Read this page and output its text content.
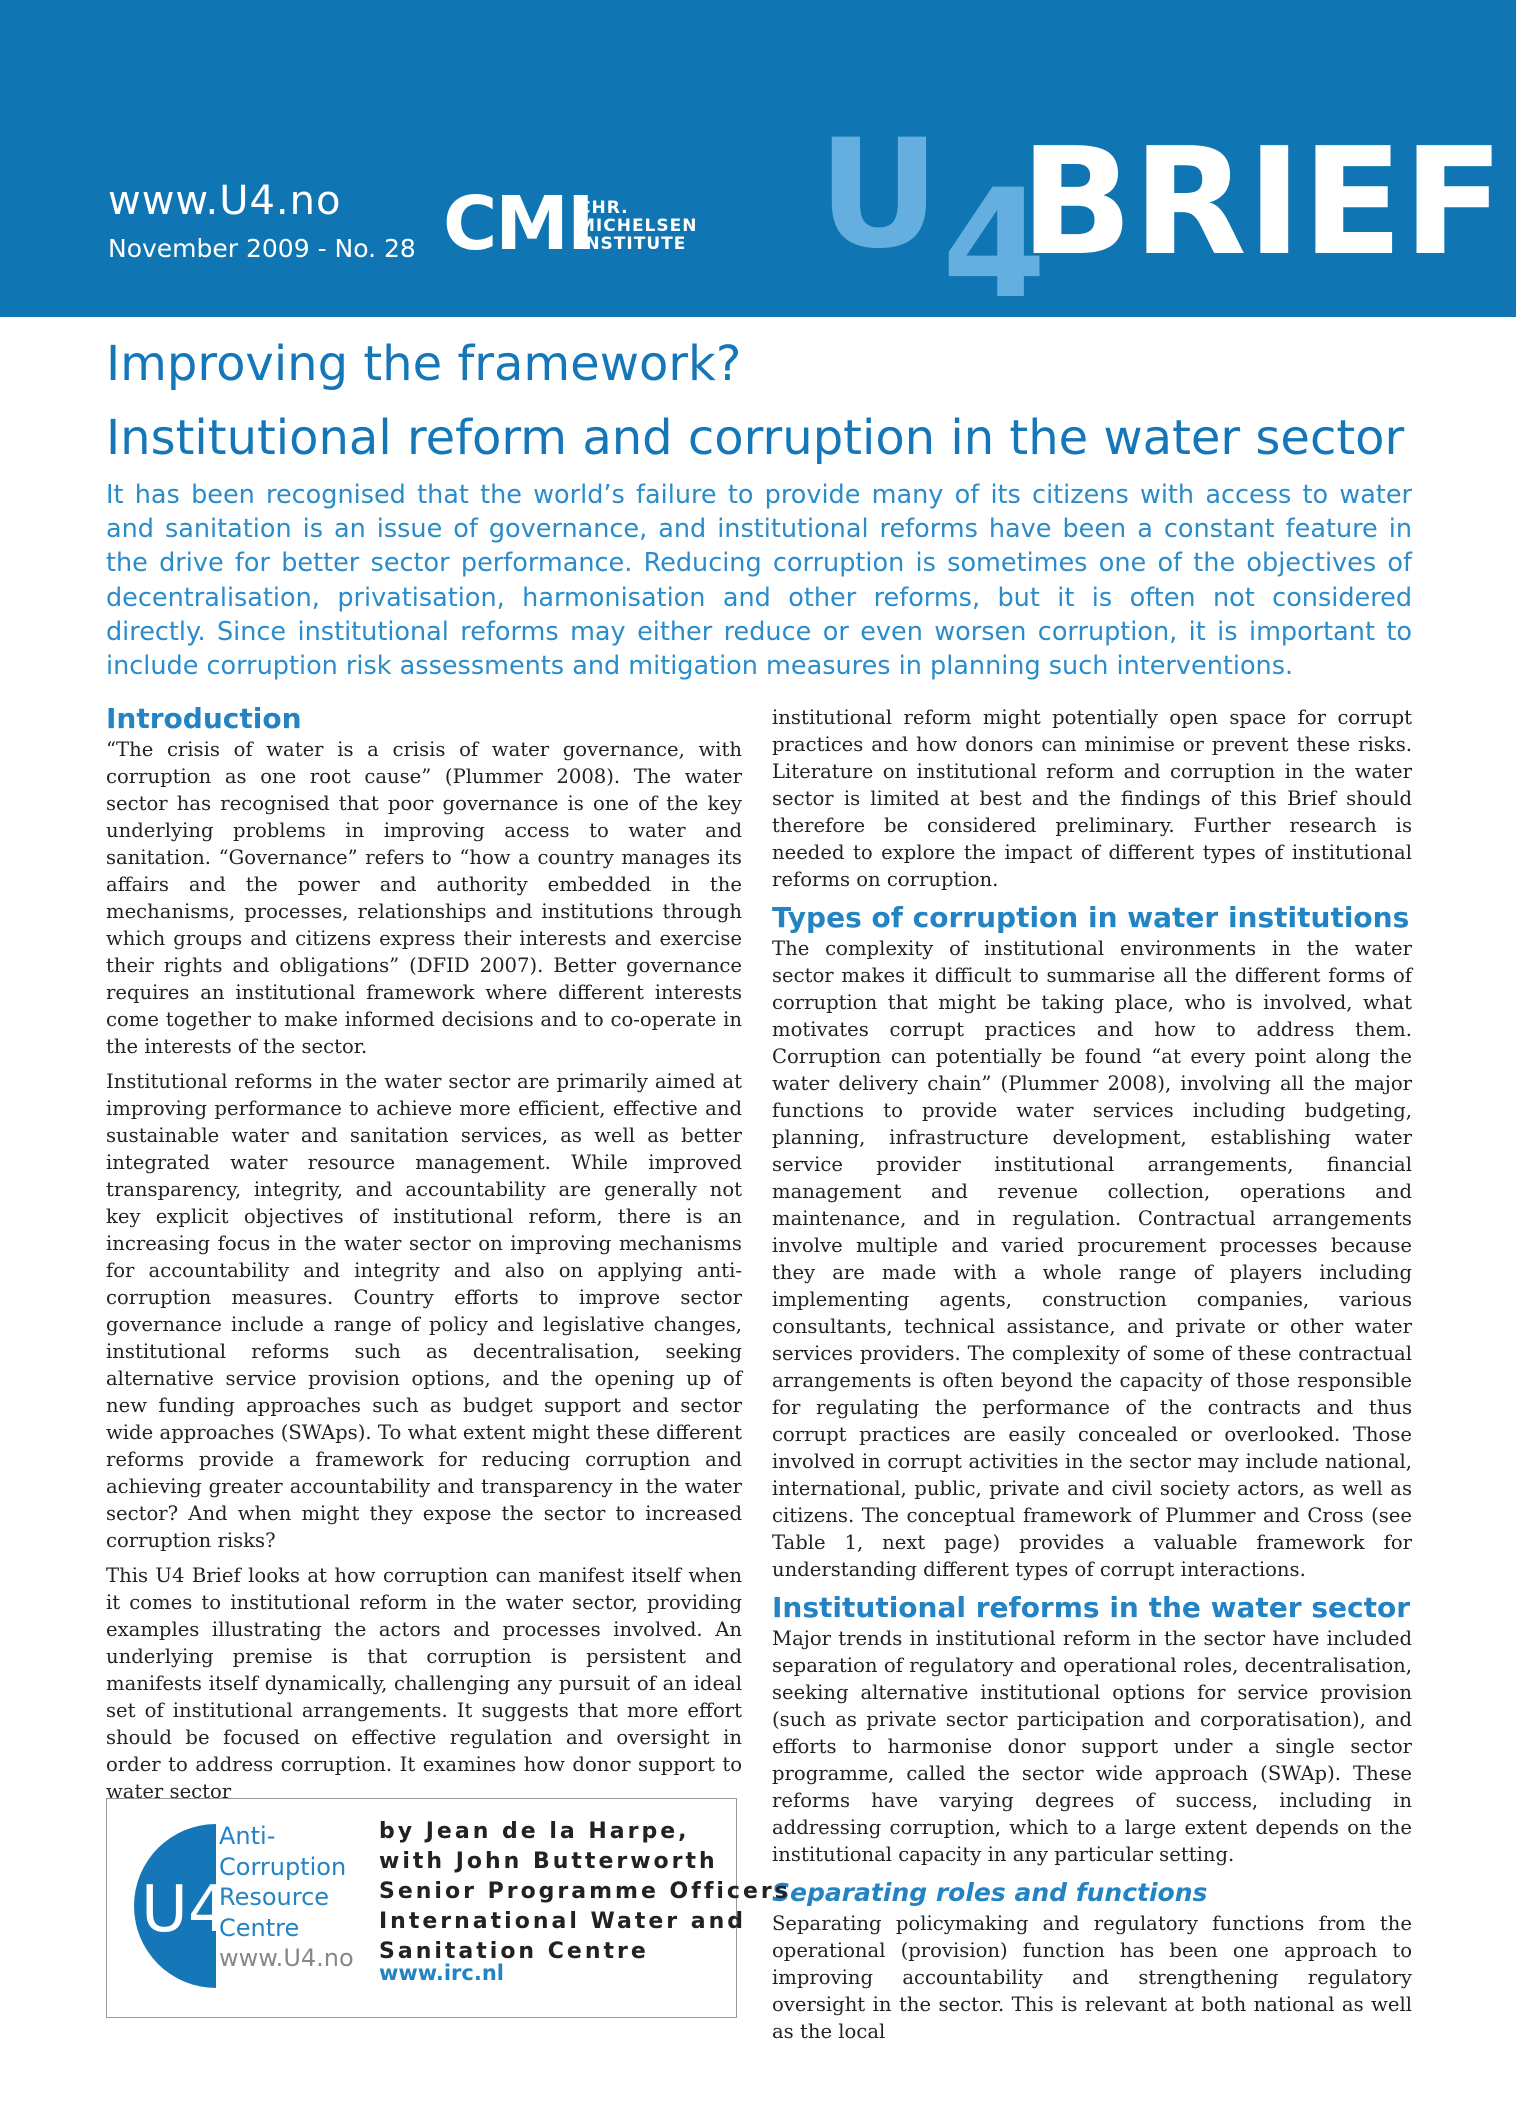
www.U4.no
November 2009 - No. 28 CMI
CHR.
MICHELSEN
INSTITUTE U 4
BRIEF
Improving the framework?
Institutional reform and corruption in the water sector
It has been recognised that the world’s failure to provide many of its citizens with access to water and sanitation is an issue of governance, and institutional reforms have been a constant feature in the drive for better sector performance. Reducing corruption is sometimes one of the objectives of decentralisation, privatisation, harmonisation and other reforms, but it is often not considered directly. Since institutional reforms may either reduce or even worsen corruption, it is important to include corruption risk assessments and mitigation measures in planning such interventions.
Introduction

“The crisis of water is a crisis of water governance, with corruption as one root cause” (Plummer 2008). The water sector has recognised that poor governance is one of the key underlying problems in improving access to water and sanitation. “Governance” refers to “how a country manages its affairs and the power and authority embedded in the mechanisms, processes, relationships and institutions through which groups and citizens express their interests and exercise their rights and obligations” (DFID 2007). Better governance requires an institutional framework where different interests come together to make informed decisions and to co-operate in the interests of the sector.

Institutional reforms in the water sector are primarily aimed at improving performance to achieve more efficient, effective and sustainable water and sanitation services, as well as better integrated water resource management. While improved transparency, integrity, and accountability are generally not key explicit objectives of institutional reform, there is an increasing focus in the water sector on improving mechanisms for accountability and integrity and also on applying anti-corruption measures. Country efforts to improve sector governance include a range of policy and legislative changes, institutional reforms such as decentralisation, seeking alternative service provision options, and the opening up of new funding approaches such as budget support and sector wide approaches (SWAps). To what extent might these different reforms provide a framework for reducing corruption and achieving greater accountability and transparency in the water sector? And when might they expose the sector to increased corruption risks?

This U4 Brief looks at how corruption can manifest itself when it comes to institutional reform in the water sector, providing examples illustrating the actors and processes involved. An underlying premise is that corruption is persistent and manifests itself dynamically, challenging any pursuit of an ideal set of institutional arrangements. It suggests that more effort should be focused on effective regulation and oversight in order to address corruption. It examines how donor support to water sector

institutional reform might potentially open space for corrupt practices and how donors can minimise or prevent these risks. Literature on institutional reform and corruption in the water sector is limited at best and the findings of this Brief should therefore be considered preliminary. Further research is needed to explore the impact of different types of institutional reforms on corruption.

Types of corruption in water institutions

The complexity of institutional environments in the water sector makes it difficult to summarise all the different forms of corruption that might be taking place, who is involved, what motivates corrupt practices and how to address them. Corruption can potentially be found “at every point along the water delivery chain” (Plummer 2008), involving all the major functions to provide water services including budgeting, planning, infrastructure development, establishing water service provider institutional arrangements, financial management and revenue collection, operations and maintenance, and in regulation. Contractual arrangements involve multiple and varied procurement processes because they are made with a whole range of players including implementing agents, construction companies, various consultants, technical assistance, and private or other water services providers. The complexity of some of these contractual arrangements is often beyond the capacity of those responsible for regulating the performance of the contracts and thus corrupt practices are easily concealed or overlooked. Those involved in corrupt activities in the sector may include national, international, public, private and civil society actors, as well as citizens. The conceptual framework of Plummer and Cross (see Table 1, next page) provides a valuable framework for understanding different types of corrupt interactions.

Institutional reforms in the water sector

Major trends in institutional reform in the sector have included separation of regulatory and operational roles, decentralisation, seeking alternative institutional options for service provision (such as private sector participation and corporatisation), and efforts to harmonise donor support under a single sector programme, called the sector wide approach (SWAp). These reforms have varying degrees of success, including in addressing corruption, which to a large extent depends on the institutional capacity in any particular setting.

Separating roles and functions

Separating policymaking and regulatory functions from the operational (provision) function has been one approach to improving accountability and strengthening regulatory oversight in the sector. This is relevant at both national as well as the local

U4
Anti-
Corruption
Resource
Centre
www.U4.no
by Jean de la Harpe,
with John Butterworth
Senior Programme Officers
International Water and
Sanitation Centre
www.irc.nl
